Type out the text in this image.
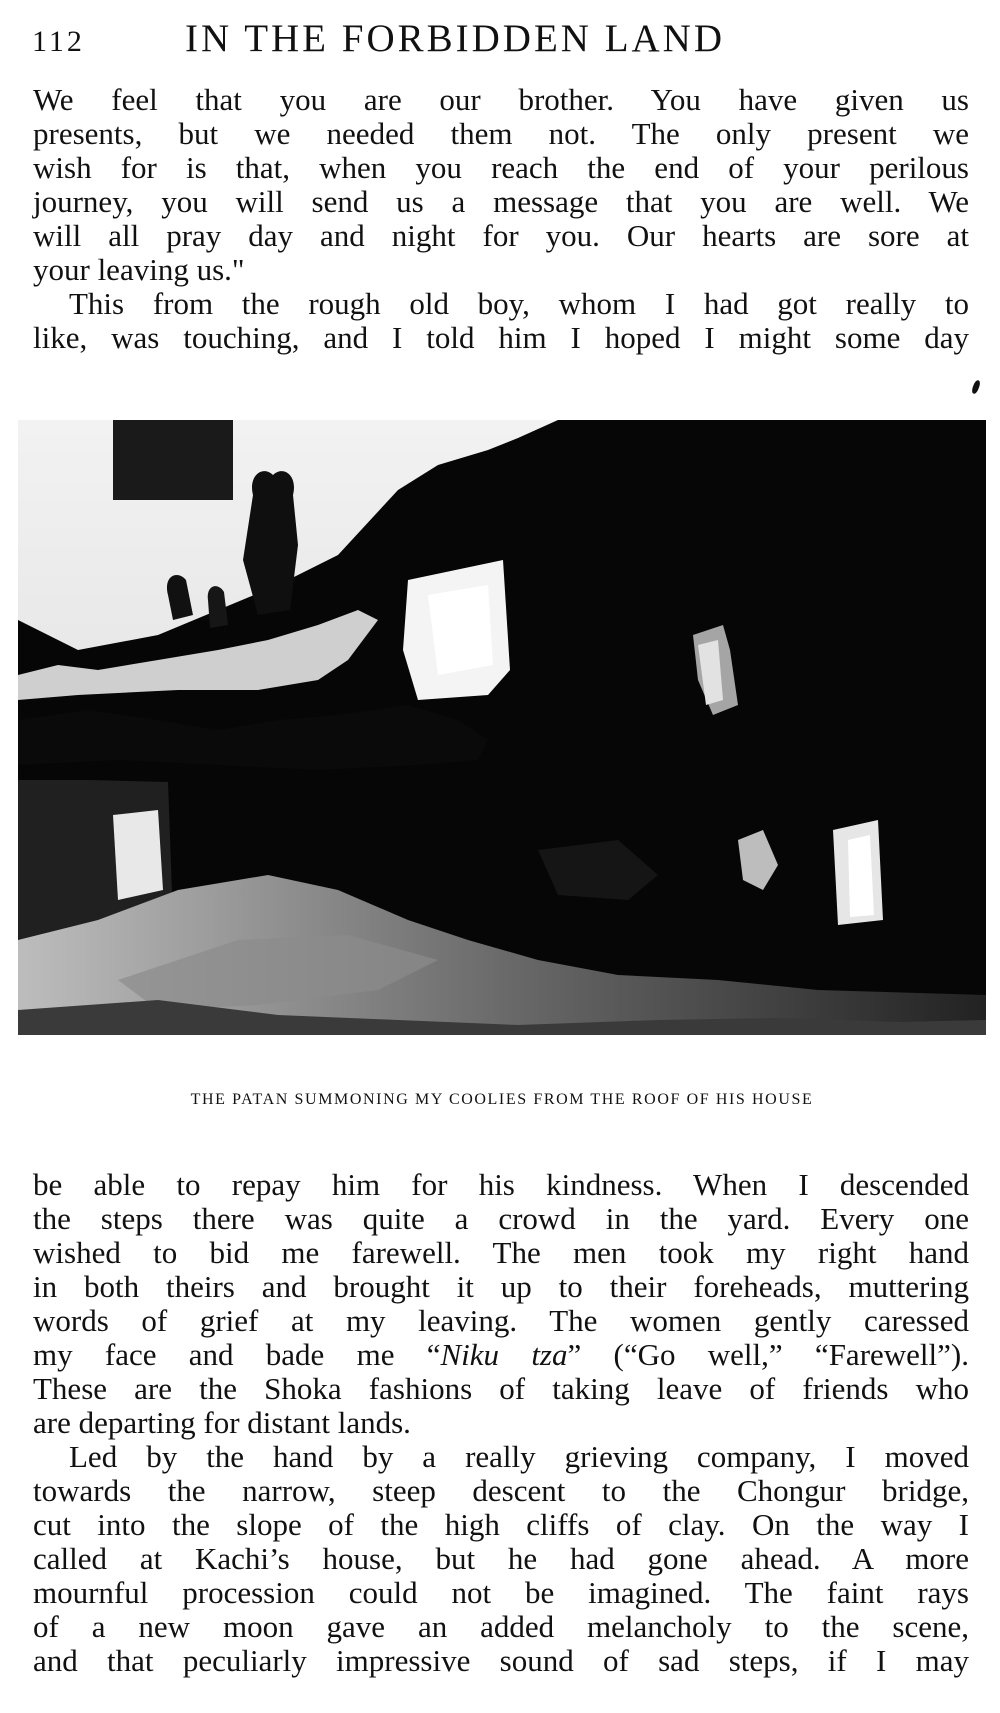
112	IN THE FORBIDDEN LAND
We feel that you are our brother. You have given us
presents, but we needed them not. The only present we
wish for is that, when you reach the end of your perilous
journey, you will send us a message that you are well. We
will all pray day and night for you. Our hearts are sore at
your leaving us."
This from the rough old boy, whom I had got really to
like, was touching, and I told him I hoped I might some day
THE PATAN SUMMONING MY COOLIES FROM THE ROOF OF HIS HOUSE
be able to repay him for his kindness. When I descended
the steps there was quite a crowd in the yard. Every one
wished to bid me farewell. The men took my right hand
in both theirs and brought it up to their foreheads, muttering
words of grief at my leaving. The women gently caressed
my face and bade me “Niku tza” (“Go well,” “Farewell”).
These are the Shoka fashions of taking leave of friends who
are departing for distant lands.
Led by the hand by a really grieving company, I moved
towards the narrow, steep descent to the Chongur bridge,
cut into the slope of the high cliffs of clay. On the way I
called at Kachi’s house, but he had gone ahead. A more
mournful procession could not be imagined. The faint rays
of a new moon gave an added melancholy to the scene,
and that peculiarly impressive sound of sad steps, if I may
